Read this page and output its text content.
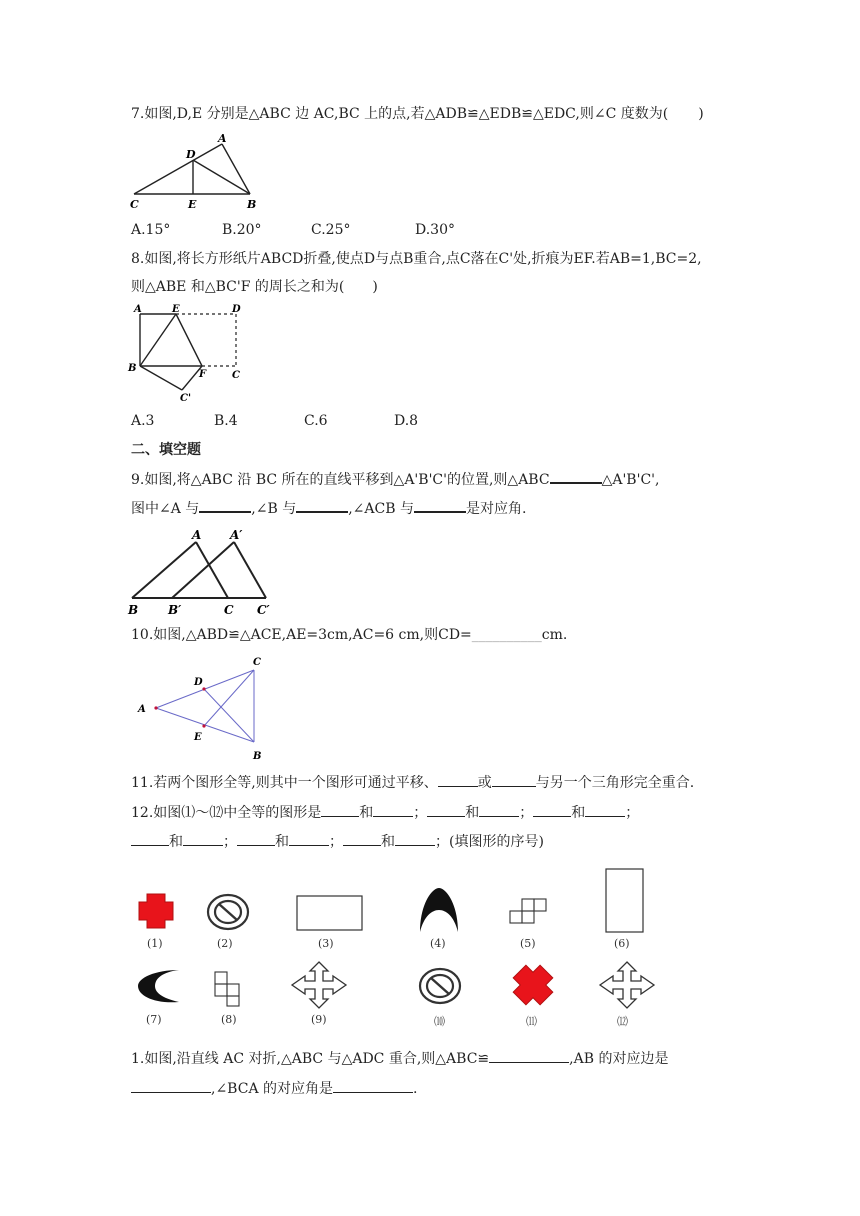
7.如图,D,E 分别是△ABC 边 AC,BC 上的点,若△ADB≌△EDB≌△EDC,则∠C 度数为( )
A
D
C	E	B
A.15°	B.20°	C.25°	D.30°
8.如图,将长方形纸片ABCD折叠,使点D与点B重合,点C落在C'处,折痕为EF.若AB=1,BC=2,
则△ABE 和△BC'F 的周长之和为(　　)
A	E	D
B
F	C
C'
A.3	B.4	C.6	D.8
二、填空题
9.如图,将△ABC 沿 BC 所在的直线平移到△A'B'C'的位置,则△ABC	△A'B'C',
图中∠A 与	,∠B 与	,∠ACB 与	是对应角.
A A′
B B′	C C′
10.如图,△ABD≌△ACE,AE=3cm,AC=6 cm,则CD=__________cm.
A
D
C
E
B
11.若两个图形全等,则其中一个图形可通过平移、	或	与另一个三角形完全重合.
12.如图⑴～⑿中全等的图形是	和	；	和	；	和	；
和	；	和	；	和	；(填图形的序号)
(1)	(2)	(3)	(4)	(5)	(6)
(7)	(8)	(9)	⑽	⑾	⑿
1.如图,沿直线 AC 对折,△ABC 与△ADC 重合,则△ABC≌	,AB 的对应边是
,∠BCA 的对应角是	.
